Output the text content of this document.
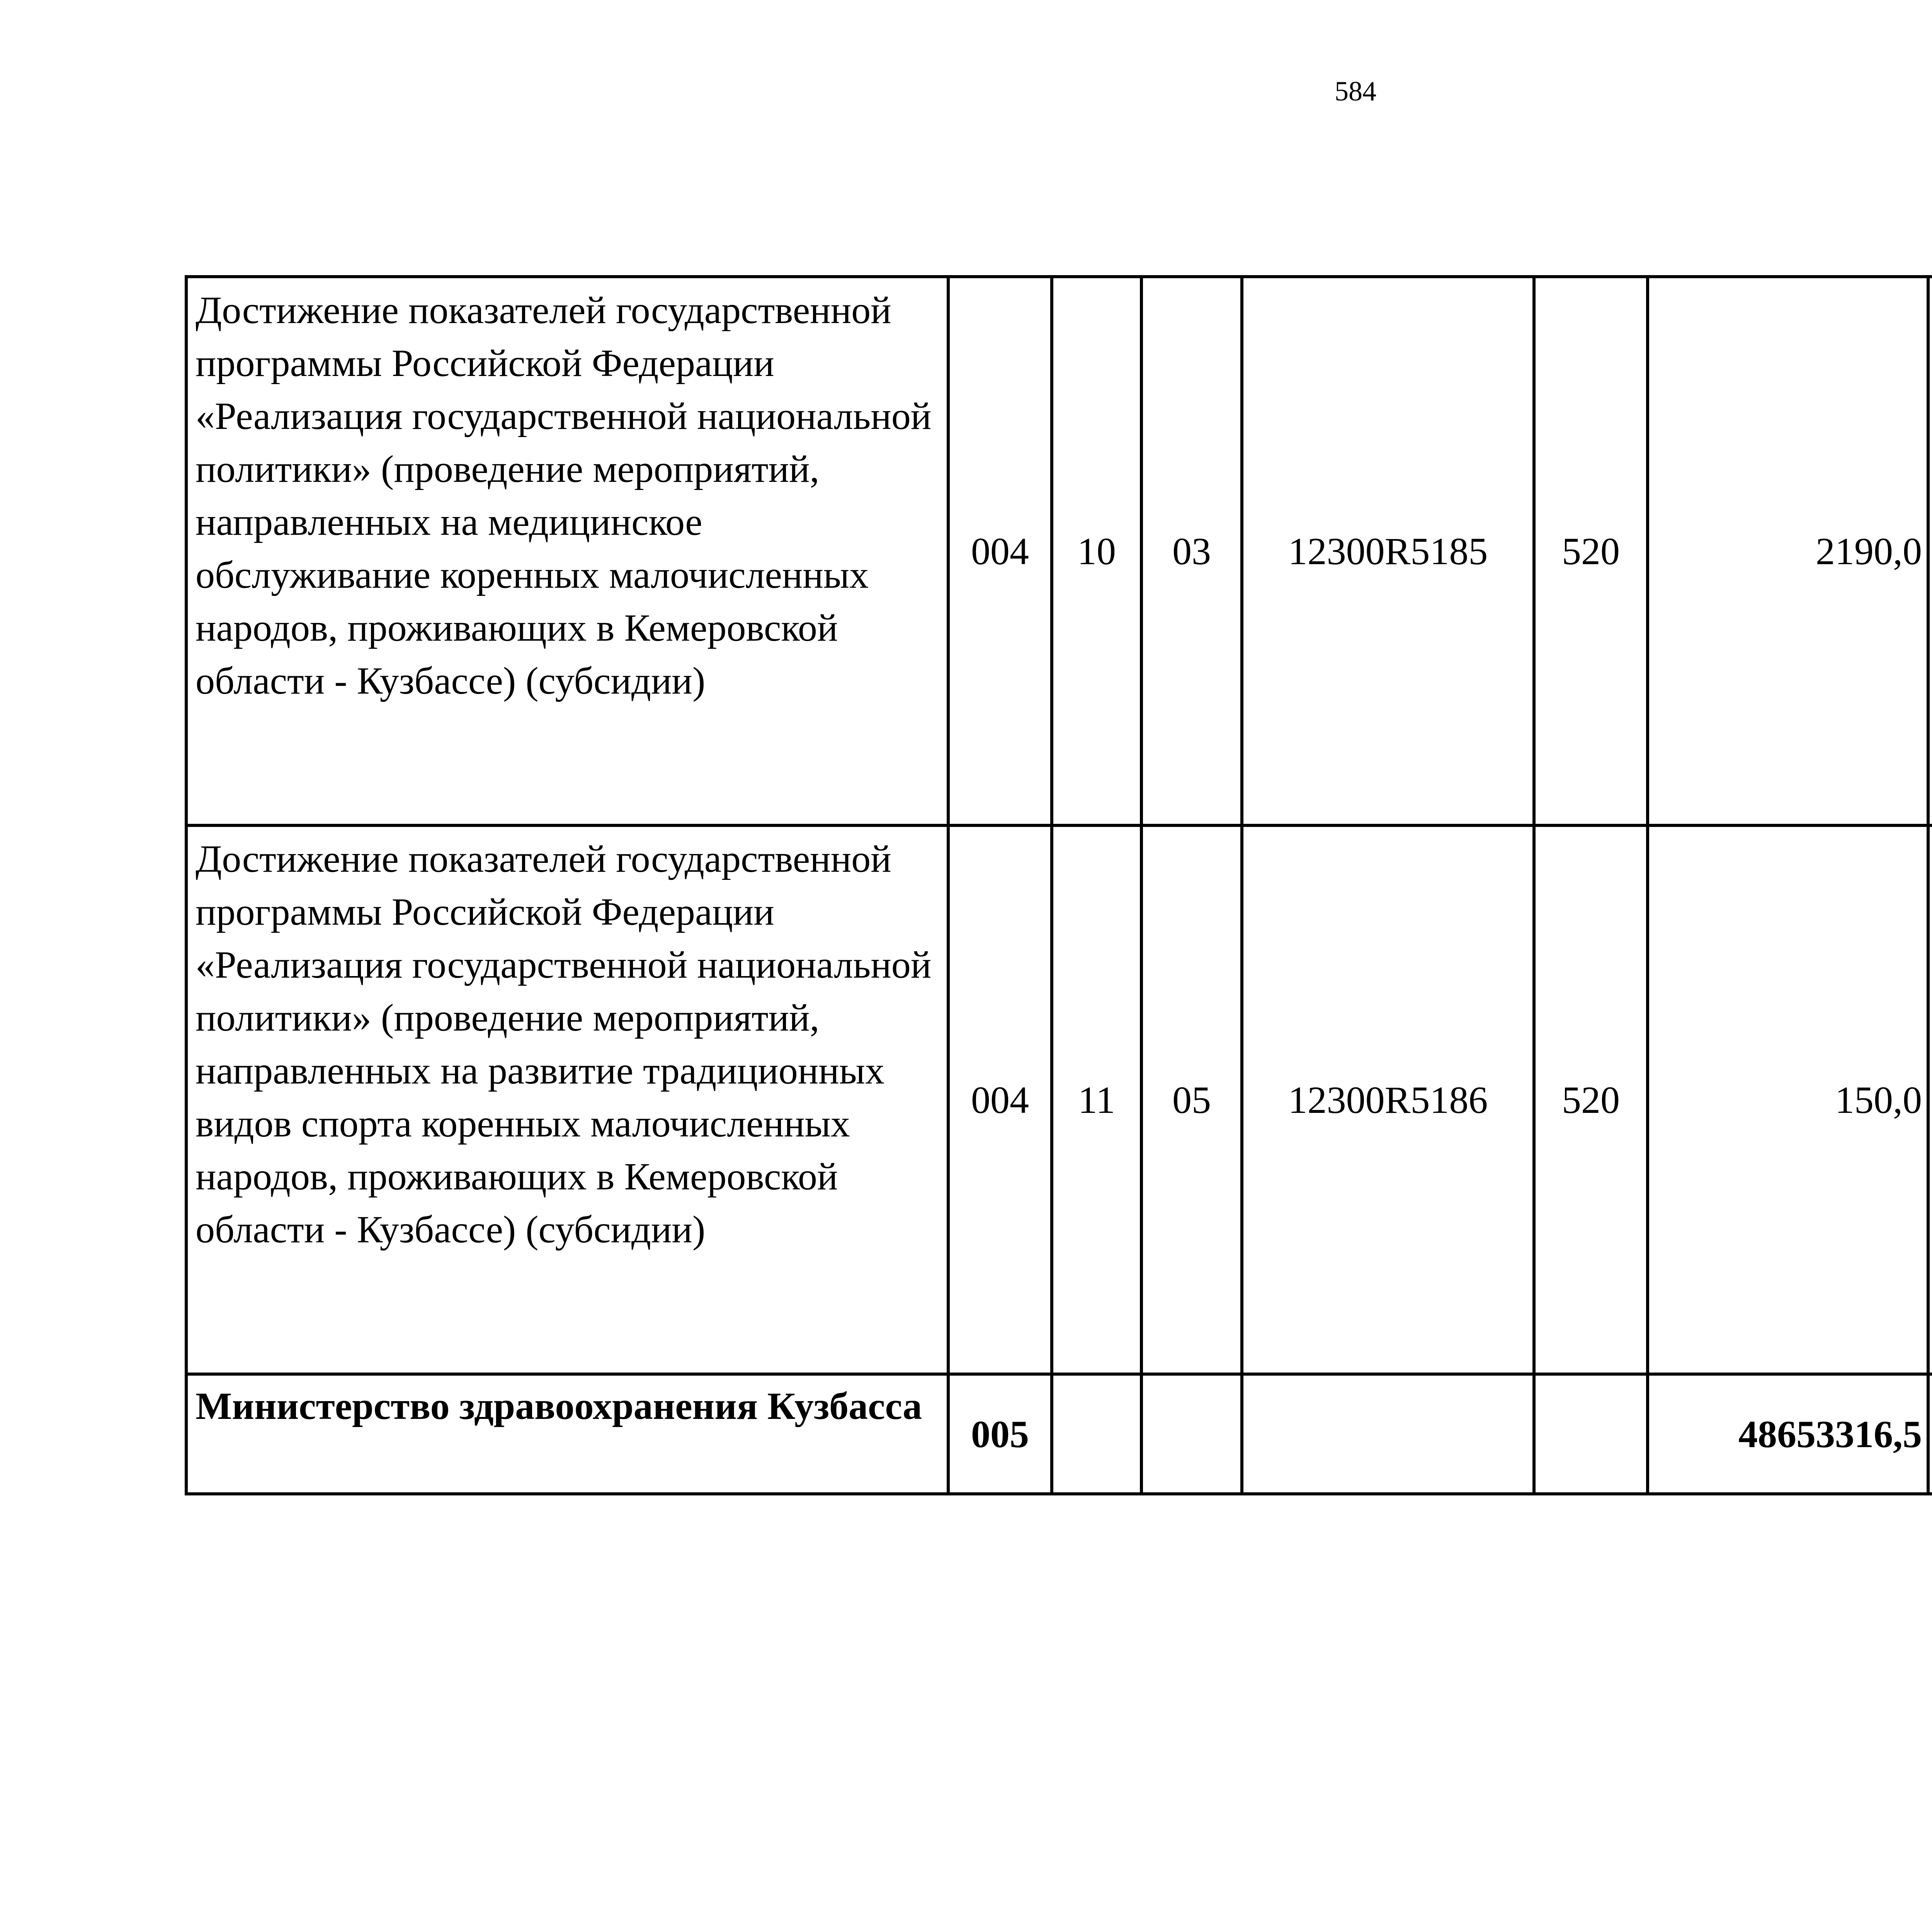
584
Достижение показателей государственной программы Российской Федерации «Реализация государственной национальной политики» (проведение мероприятий, направленных на медицинское обслуживание коренных малочисленных народов, проживающих в Кемеровской области - Кузбассе) (субсидии)	004	10	03	12300R5185	520	2190,0		
Достижение показателей государственной программы Российской Федерации «Реализация государственной национальной политики» (проведение мероприятий, направленных на развитие традиционных видов спорта коренных малочисленных народов, проживающих в Кемеровской области - Кузбассе) (субсидии)	004	11	05	12300R5186	520	150,0		
Министерство здравоохранения Кузбасса	005					48653316,5		
